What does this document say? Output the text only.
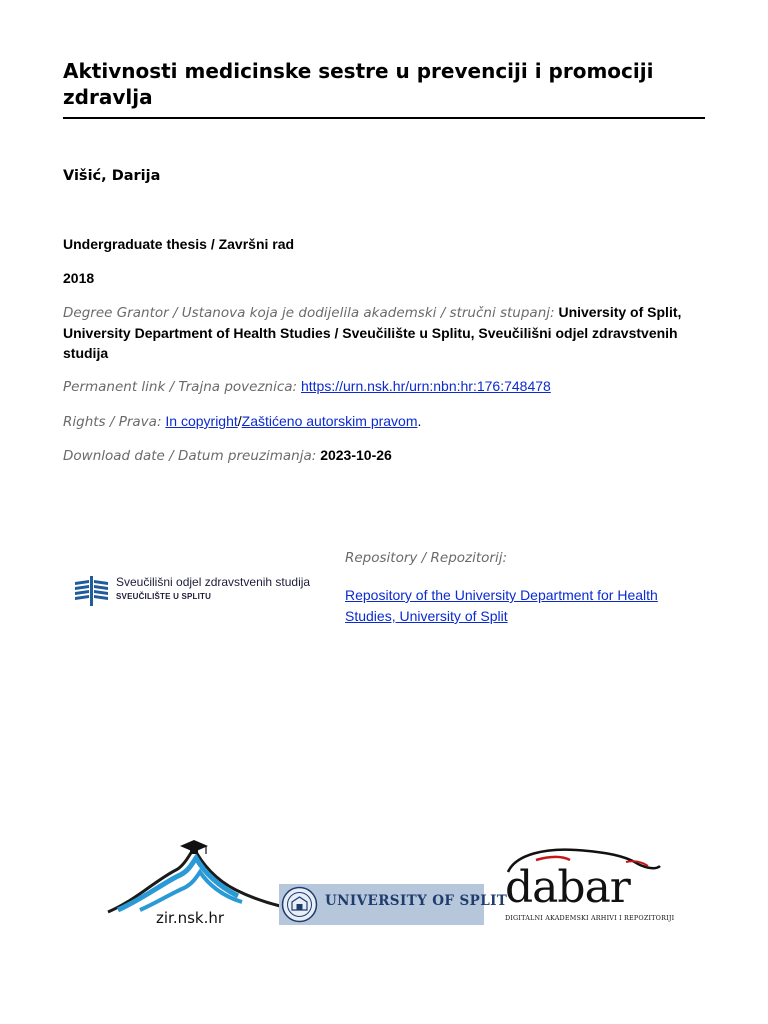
Aktivnosti medicinske sestre u prevenciji i promociji zdravlja
Višić, Darija
Undergraduate thesis / Završni rad
2018
Degree Grantor / Ustanova koja je dodijelila akademski / stručni stupanj: University of Split, University Department of Health Studies / Sveučilište u Splitu, Sveučilišni odjel zdravstvenih studija
Permanent link / Trajna poveznica: https://urn.nsk.hr/urn:nbn:hr:176:748478
Rights / Prava: In copyright/Zaštićeno autorskim pravom.
Download date / Datum preuzimanja: 2023-10-26
Sveučilišni odjel zdravstvenih studija
SVEUČILIŠTE U SPLITU
Repository / Repozitorij:
Repository of the University Department for Health Studies, University of Split
zir.nsk.hr
UNIVERSITY OF SPLIT
dabar
DIGITALNI AKADEMSKI ARHIVI I REPOZITORIJI
